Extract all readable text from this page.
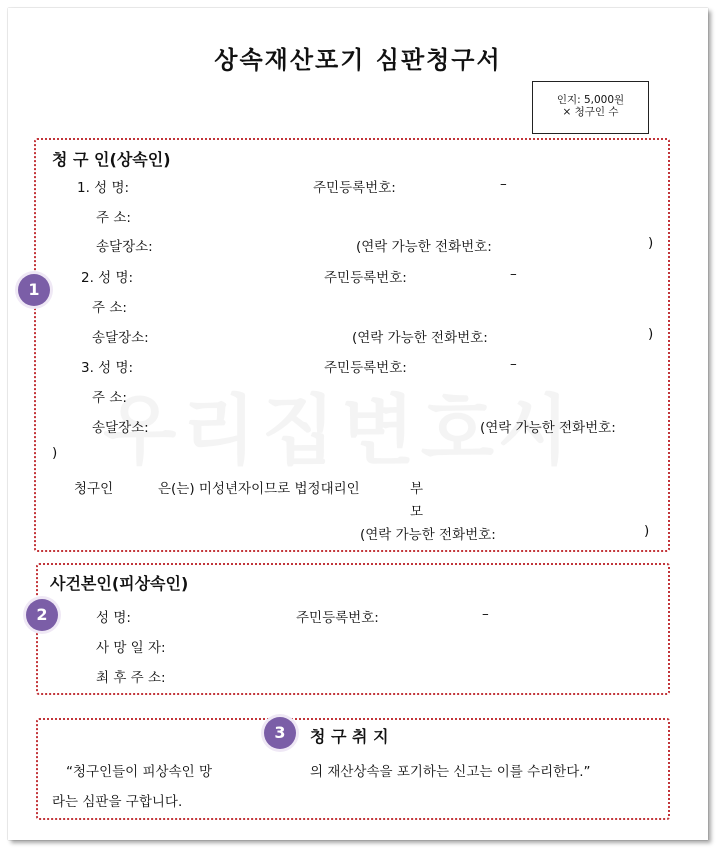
상속재산포기 심판청구서
인지: 5,000원
× 청구인 수
청 구 인(상속인)
1. 성 명:	주민등록번호:	–
주 소:
송달장소:	(연락 가능한 전화번호:	)
2. 성 명:	주민등록번호:	–
주 소:
송달장소:	(연락 가능한 전화번호:	)
3. 성 명:	주민등록번호:	–
주 소:
송달장소:	(연락 가능한 전화번호:
)
청구인	은(는) 미성년자이므로 법정대리인	부
모
(연락 가능한 전화번호:	)
1
사건본인(피상속인)
성 명:	주민등록번호:	–
사 망 일 자:
최 후 주 소:
2
3	청 구 취 지
“청구인들이 피상속인 망	의 재산상속을 포기하는 신고는 이를 수리한다.”
라는 심판을 구합니다.
